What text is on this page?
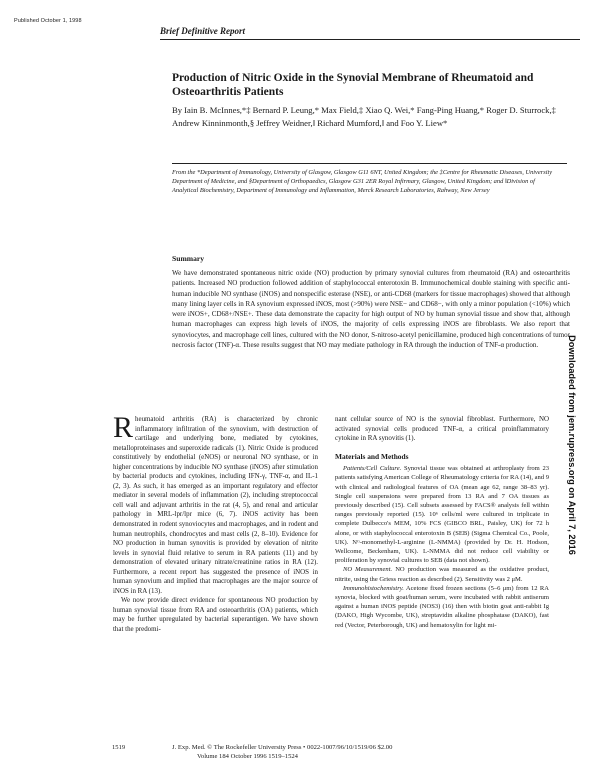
Published October 1, 1998
Brief Definitive Report
Production of Nitric Oxide in the Synovial Membrane of Rheumatoid and Osteoarthritis Patients
By Iain B. McInnes,*‡ Bernard P. Leung,* Max Field,‡ Xiao Q. Wei,* Fang-Ping Huang,* Roger D. Sturrock,‡ Andrew Kinninmonth,§ Jeffrey Weidner,‖ Richard Mumford,‖ and Foo Y. Liew*
From the *Department of Immunology, University of Glasgow, Glasgow G11 6NT, United Kingdom; the ‡Centre for Rheumatic Diseases, University Department of Medicine, and §Department of Orthopaedics, Glasgow G31 2ER Royal Infirmary, Glasgow, United Kingdom; and ‖Division of Analytical Biochemistry, Department of Immunology and Inflammation, Merck Research Laboratories, Rahway, New Jersey
Summary
We have demonstrated spontaneous nitric oxide (NO) production by primary synovial cultures from rheumatoid (RA) and osteoarthritis patients. Increased NO production followed addition of staphylococcal enterotoxin B. Immunochemical double staining with specific anti-human inducible NO synthase (iNOS) and nonspecific esterase (NSE), or anti-CD68 (markers for tissue macrophages) showed that although many lining layer cells in RA synovium expressed iNOS, most (>90%) were NSE− and CD68−, with only a minor population (<10%) which were iNOS+, CD68+/NSE+. These data demonstrate the capacity for high output of NO by human synovial tissue and show that, although human macrophages can express high levels of iNOS, the majority of cells expressing iNOS are fibroblasts. We also report that synoviocytes, and macrophage cell lines, cultured with the NO donor, S-nitroso-acetyl penicillamine, produced high concentrations of tumor necrosis factor (TNF)-α. These results suggest that NO may mediate pathology in RA through the induction of TNF-α production.

Rheumatoid arthritis (RA) is characterized by chronic inflammatory infiltration of the synovium, with destruction of cartilage and underlying bone, mediated by cytokines, metalloproteinases and superoxide radicals (1). Nitric Oxide is produced constitutively by endothelial (eNOS) or neuronal NO synthase, or in higher concentrations by inducible NO synthase (iNOS) after stimulation by bacterial products and cytokines, including IFN-γ, TNF-α, and IL-1 (2, 3). As such, it has emerged as an important regulatory and effector mediator in several models of inflammation (2), including streptococcal cell wall and adjuvant arthritis in the rat (4, 5), and renal and articular pathology in MRL-lpr/lpr mice (6, 7). iNOS activity has been demonstrated in rodent synoviocytes and macrophages, and in rodent and human neutrophils, chondrocytes and mast cells (2, 8–10). Evidence for NO production in human synovitis is provided by elevation of nitrite levels in synovial fluid relative to serum in RA patients (11) and by demonstration of elevated urinary nitrate/creatinine ratios in RA (12). Furthermore, a recent report has suggested the presence of iNOS in human synovium and implied that macrophages are the major source of iNOS in RA (13).

We now provide direct evidence for spontaneous NO production by human synovial tissue from RA and osteoarthritis (OA) patients, which may be further upregulated by bacterial superantigen. We have shown that the predomi-

nant cellular source of NO is the synovial fibroblast. Furthermore, NO activated synovial cells produced TNF-α, a critical proinflammatory cytokine in RA synovitis (1).

Materials and Methods

Patients/Cell Culture. Synovial tissue was obtained at arthroplasty from 23 patients satisfying American College of Rheumatology criteria for RA (14), and 9 with clinical and radiological features of OA (mean age 62, range 38–83 yr). Single cell suspensions were prepared from 13 RA and 7 OA tissues as previously described (15). Cell subsets assessed by FACS® analysis fell within ranges previously reported (15). 10⁶ cells/ml were cultured in triplicate in complete Dulbecco's MEM, 10% FCS (GIBCO BRL, Paisley, UK) for 72 h alone, or with staphylococcal enterotoxin B (SEB) (Sigma Chemical Co., Poole, UK). Nᴳ-monomethyl-L-arginine (L-NMMA) (provided by Dr. H. Hodson, Wellcome, Beckenham, UK). L-NMMA did not reduce cell viability or proliferation by synovial cultures to SEB (data not shown).

NO Measurement. NO production was measured as the oxidative product, nitrite, using the Griess reaction as described (2). Sensitivity was 2 μM.

Immunohistochemistry. Acetone fixed frozen sections (5–6 μm) from 12 RA synovia, blocked with goat/human serum, were incubated with rabbit antiserum against a human iNOS peptide (NOS3) (16) then with biotin goat anti-rabbit Ig (DAKO, High Wycombe, UK), streptavidin alkaline phosphatase (DAKO), fast red (Vector, Peterborough, UK) and hematoxylin for light mi-

Downloaded from jem.rupress.org on April 7, 2016
1519	J. Exp. Med. © The Rockefeller University Press • 0022-1007/96/10/1519/06 $2.00
Volume 184 October 1996 1519–1524
